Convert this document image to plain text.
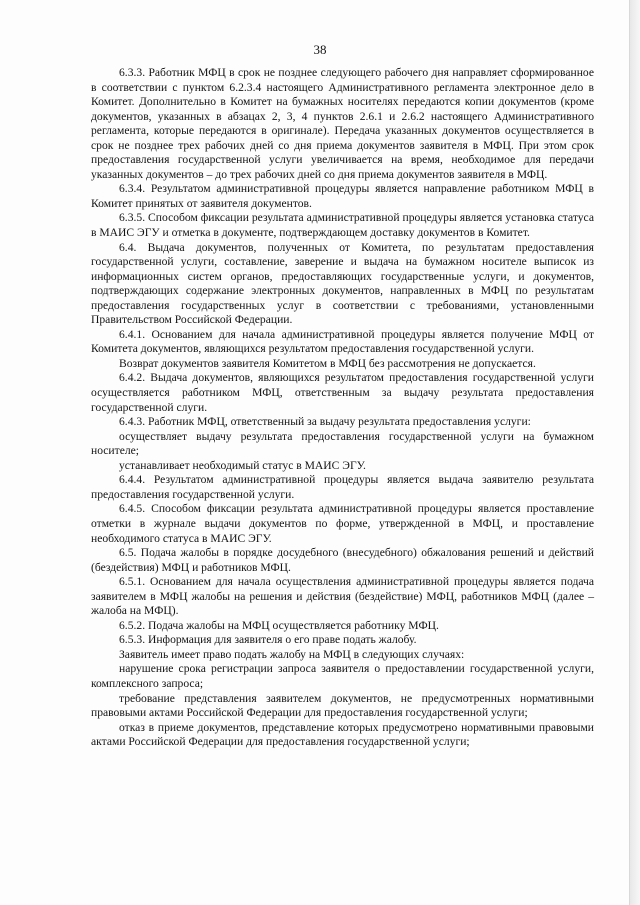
38

6.3.3. Работник МФЦ в срок не позднее следующего рабочего дня направляет сформированное в соответствии с пунктом 6.2.3.4 настоящего Административного регламента электронное дело в Комитет. Дополнительно в Комитет на бумажных носителях передаются копии документов (кроме документов, указанных в абзацах 2, 3, 4 пунктов 2.6.1 и 2.6.2 настоящего Административного регламента, которые передаются в оригинале). Передача указанных документов осуществляется в срок не позднее трех рабочих дней со дня приема документов заявителя в МФЦ. При этом срок предоставления государственной услуги увеличивается на время, необходимое для передачи указанных документов – до трех рабочих дней со дня приема документов заявителя в МФЦ.

6.3.4. Результатом административной процедуры является направление работником МФЦ в Комитет принятых от заявителя документов.

6.3.5. Способом фиксации результата административной процедуры является установка статуса в МАИС ЭГУ и отметка в документе, подтверждающем доставку документов в Комитет.

6.4. Выдача документов, полученных от Комитета, по результатам предоставления государственной услуги, составление, заверение и выдача на бумажном носителе выписок из информационных систем органов, предоставляющих государственные услуги, и документов, подтверждающих содержание электронных документов, направленных в МФЦ по результатам предоставления государственных услуг в соответствии с требованиями, установленными Правительством Российской Федерации.

6.4.1. Основанием для начала административной процедуры является получение МФЦ от Комитета документов, являющихся результатом предоставления государственной услуги.

Возврат документов заявителя Комитетом в МФЦ без рассмотрения не допускается.

6.4.2. Выдача документов, являющихся результатом предоставления государственной услуги осуществляется работником МФЦ, ответственным за выдачу результата предоставления государственной слуги.

6.4.3. Работник МФЦ, ответственный за выдачу результата предоставления услуги:

осуществляет выдачу результата предоставления государственной услуги на бумажном носителе;

устанавливает необходимый статус в МАИС ЭГУ.

6.4.4. Результатом административной процедуры является выдача заявителю результата предоставления государственной услуги.

6.4.5. Способом фиксации результата административной процедуры является проставление отметки в журнале выдачи документов по форме, утвержденной в МФЦ, и проставление необходимого статуса в МАИС ЭГУ.

6.5. Подача жалобы в порядке досудебного (внесудебного) обжалования решений и действий (бездействия) МФЦ и работников МФЦ.

6.5.1. Основанием для начала осуществления административной процедуры является подача заявителем в МФЦ жалобы на решения и действия (бездействие) МФЦ, работников МФЦ (далее – жалоба на МФЦ).

6.5.2. Подача жалобы на МФЦ осуществляется работнику МФЦ.

6.5.3. Информация для заявителя о его праве подать жалобу.

Заявитель имеет право подать жалобу на МФЦ в следующих случаях:

нарушение срока регистрации запроса заявителя о предоставлении государственной услуги, комплексного запроса;

требование представления заявителем документов, не предусмотренных нормативными правовыми актами Российской Федерации для предоставления государственной услуги;

отказ в приеме документов, представление которых предусмотрено нормативными правовыми актами Российской Федерации для предоставления государственной услуги;
